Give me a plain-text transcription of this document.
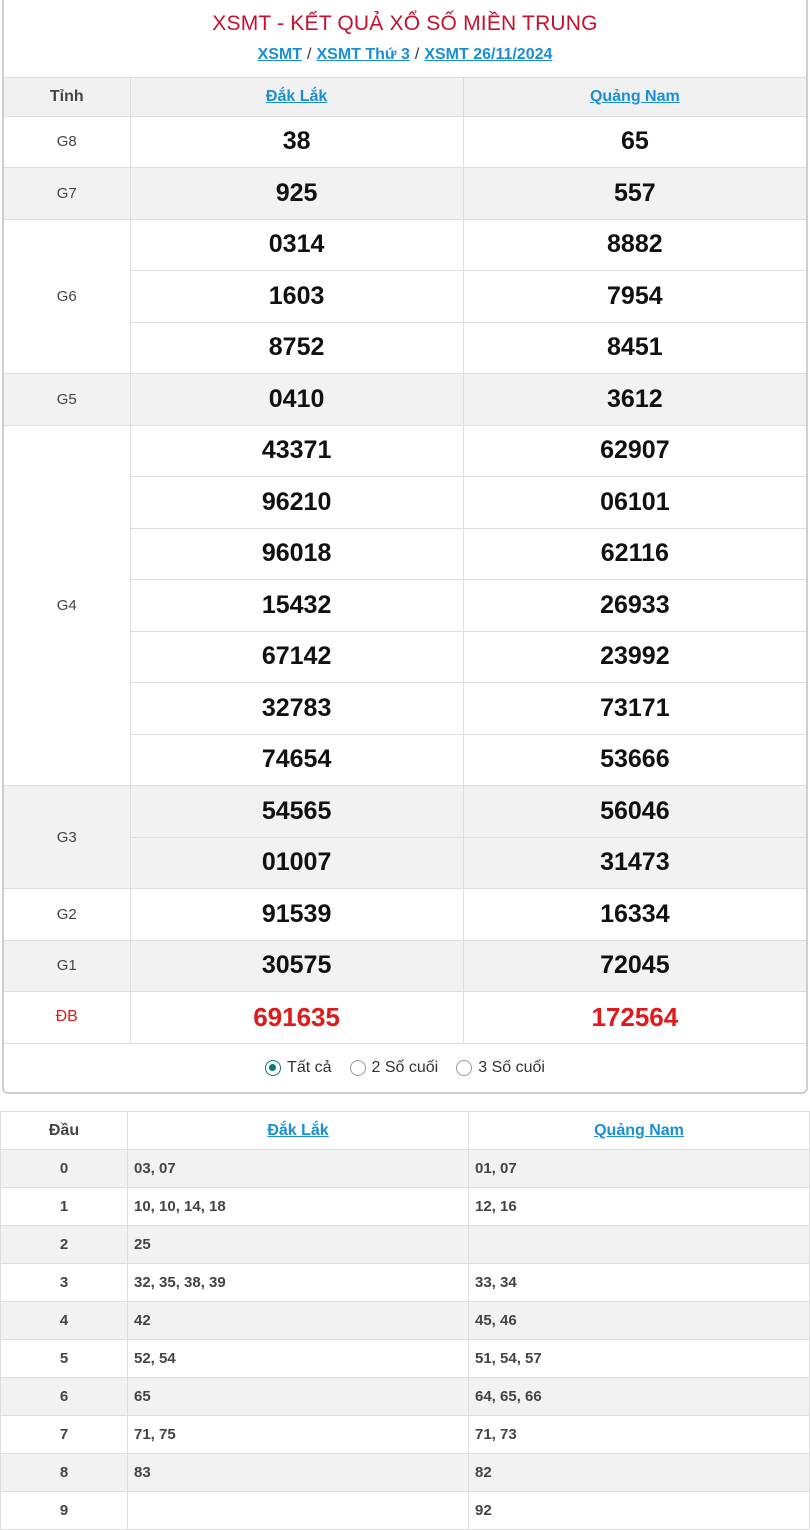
XSMT - KẾT QUẢ XỔ SỐ MIỀN TRUNG
XSMT / XSMT Thứ 3 / XSMT 26/11/2024
Tỉnh	Đắk Lắk	Quảng Nam
G8	38	65
G7	925	557
G6	0314	8882
	1603	7954
	8752	8451
G5	0410	3612
G4	43371	62907
	96210	06101
	96018	62116
	15432	26933
	67142	23992
	32783	73171
	74654	53666
G3	54565	56046
	01007	31473
G2	91539	16334
G1	30575	72045
ĐB	691635	172564
Tất cả	2 Số cuối	3 Số cuối
Đầu	Đắk Lắk	Quảng Nam
0	03, 07	01, 07
1	10, 10, 14, 18	12, 16
2	25	
3	32, 35, 38, 39	33, 34
4	42	45, 46
5	52, 54	51, 54, 57
6	65	64, 65, 66
7	71, 75	71, 73
8	83	82
9		92
